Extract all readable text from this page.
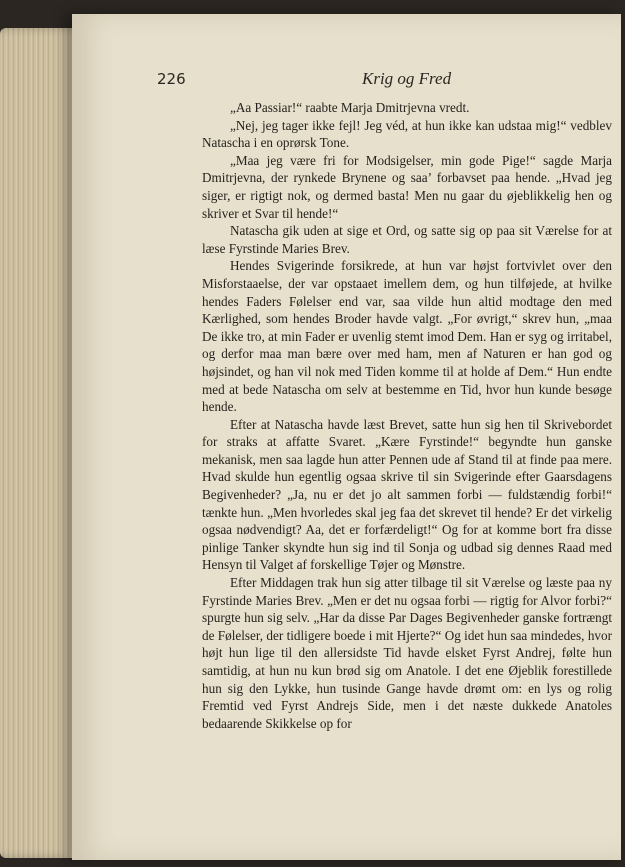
226	Krig og Fred

„Aa Passiar!“ raabte Marja Dmitrjevna vredt.

„Nej, jeg tager ikke fejl! Jeg véd, at hun ikke kan udstaa mig!“ vedblev Natascha i en oprørsk Tone.

„Maa jeg være fri for Modsigelser, min gode Pige!“ sagde Marja Dmitrjevna, der rynkede Brynene og saa’ forbavset paa hende. „Hvad jeg siger, er rigtigt nok, og dermed basta! Men nu gaar du øjeblikkelig hen og skriver et Svar til hende!“

Natascha gik uden at sige et Ord, og satte sig op paa sit Værelse for at læse Fyrstinde Maries Brev.

Hendes Svigerinde forsikrede, at hun var højst fortvivlet over den Misforstaaelse, der var opstaaet imellem dem, og hun tilføjede, at hvilke hendes Faders Følelser end var, saa vilde hun altid modtage den med Kærlighed, som hendes Broder havde valgt. „For øvrigt,“ skrev hun, „maa De ikke tro, at min Fader er uvenlig stemt imod Dem. Han er syg og irritabel, og derfor maa man bære over med ham, men af Naturen er han god og højsindet, og han vil nok med Tiden komme til at holde af Dem.“ Hun endte med at bede Natascha om selv at bestemme en Tid, hvor hun kunde besøge hende.

Efter at Natascha havde læst Brevet, satte hun sig hen til Skrivebordet for straks at affatte Svaret. „Kære Fyrstinde!“ begyndte hun ganske mekanisk, men saa lagde hun atter Pennen ude af Stand til at finde paa mere. Hvad skulde hun egentlig ogsaa skrive til sin Svigerinde efter Gaarsdagens Begivenheder? „Ja, nu er det jo alt sammen forbi — fuldstændig forbi!“ tænkte hun. „Men hvorledes skal jeg faa det skrevet til hende? Er det virkelig ogsaa nødvendigt? Aa, det er forfærdeligt!“ Og for at komme bort fra disse pinlige Tanker skyndte hun sig ind til Sonja og udbad sig dennes Raad med Hensyn til Valget af forskellige Tøjer og Mønstre.

Efter Middagen trak hun sig atter tilbage til sit Værelse og læste paa ny Fyrstinde Maries Brev. „Men er det nu ogsaa forbi — rigtig for Alvor forbi?“ spurgte hun sig selv. „Har da disse Par Dages Begivenheder ganske fortrængt de Følelser, der tidligere boede i mit Hjerte?“ Og idet hun saa mindedes, hvor højt hun lige til den allersidste Tid havde elsket Fyrst Andrej, følte hun samtidig, at hun nu kun brød sig om Anatole. I det ene Øjeblik forestillede hun sig den Lykke, hun tusinde Gange havde drømt om: en lys og rolig Fremtid ved Fyrst Andrejs Side, men i det næste dukkede Anatoles bedaarende Skikkelse op for
